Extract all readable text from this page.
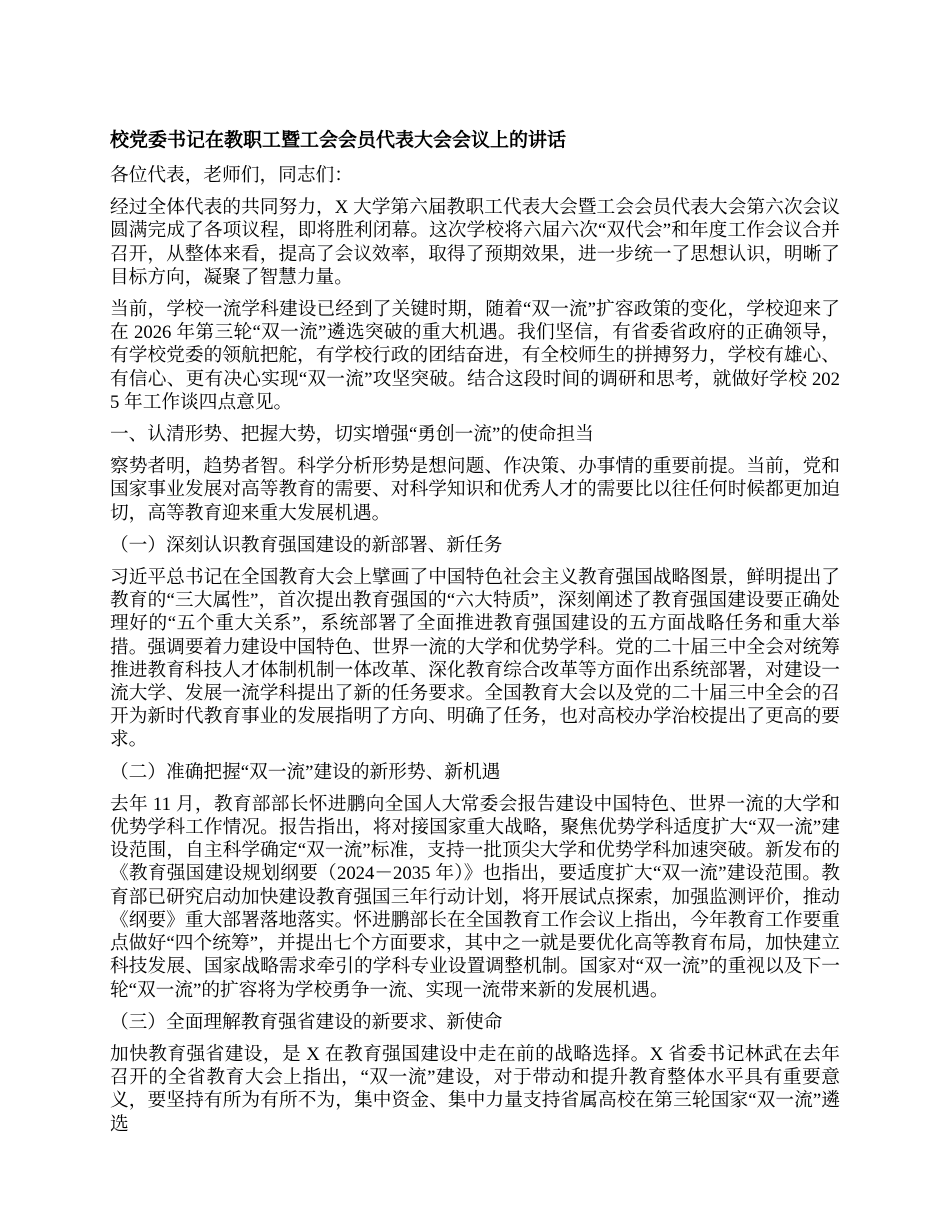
校党委书记在教职工暨工会会员代表大会会议上的讲话

各位代表，老师们，同志们：

经过全体代表的共同努力，X 大学第六届教职工代表大会暨工会会员代表大会第六次会议圆满完成了各项议程，即将胜利闭幕。这次学校将六届六次“双代会”和年度工作会议合并召开，从整体来看，提高了会议效率，取得了预期效果，进一步统一了思想认识，明晰了目标方向，凝聚了智慧力量。

当前，学校一流学科建设已经到了关键时期，随着“双一流”扩容政策的变化，学校迎来了在 2026 年第三轮“双一流”遴选突破的重大机遇。我们坚信，有省委省政府的正确领导，有学校党委的领航把舵，有学校行政的团结奋进，有全校师生的拼搏努力，学校有雄心、有信心、更有决心实现“双一流”攻坚突破。结合这段时间的调研和思考，就做好学校 2025 年工作谈四点意见。

一、认清形势、把握大势，切实增强“勇创一流”的使命担当

察势者明，趋势者智。科学分析形势是想问题、作决策、办事情的重要前提。当前，党和国家事业发展对高等教育的需要、对科学知识和优秀人才的需要比以往任何时候都更加迫切，高等教育迎来重大发展机遇。

（一）深刻认识教育强国建设的新部署、新任务

习近平总书记在全国教育大会上擘画了中国特色社会主义教育强国战略图景，鲜明提出了教育的“三大属性”，首次提出教育强国的“六大特质”，深刻阐述了教育强国建设要正确处理好的“五个重大关系”，系统部署了全面推进教育强国建设的五方面战略任务和重大举措。强调要着力建设中国特色、世界一流的大学和优势学科。党的二十届三中全会对统筹推进教育科技人才体制机制一体改革、深化教育综合改革等方面作出系统部署，对建设一流大学、发展一流学科提出了新的任务要求。全国教育大会以及党的二十届三中全会的召开为新时代教育事业的发展指明了方向、明确了任务，也对高校办学治校提出了更高的要求。

（二）准确把握“双一流”建设的新形势、新机遇

去年 11 月，教育部部长怀进鹏向全国人大常委会报告建设中国特色、世界一流的大学和优势学科工作情况。报告指出，将对接国家重大战略，聚焦优势学科适度扩大“双一流”建设范围，自主科学确定“双一流”标准，支持一批顶尖大学和优势学科加速突破。新发布的《教育强国建设规划纲要（2024－2035 年）》也指出，要适度扩大“双一流”建设范围。教育部已研究启动加快建设教育强国三年行动计划，将开展试点探索，加强监测评价，推动《纲要》重大部署落地落实。怀进鹏部长在全国教育工作会议上指出，今年教育工作要重点做好“四个统筹”，并提出七个方面要求，其中之一就是要优化高等教育布局，加快建立科技发展、国家战略需求牵引的学科专业设置调整机制。国家对“双一流”的重视以及下一轮“双一流”的扩容将为学校勇争一流、实现一流带来新的发展机遇。

（三）全面理解教育强省建设的新要求、新使命

加快教育强省建设，是 X 在教育强国建设中走在前的战略选择。X 省委书记林武在去年召开的全省教育大会上指出，“双一流”建设，对于带动和提升教育整体水平具有重要意义，要坚持有所为有所不为，集中资金、集中力量支持省属高校在第三轮国家“双一流”遴选
